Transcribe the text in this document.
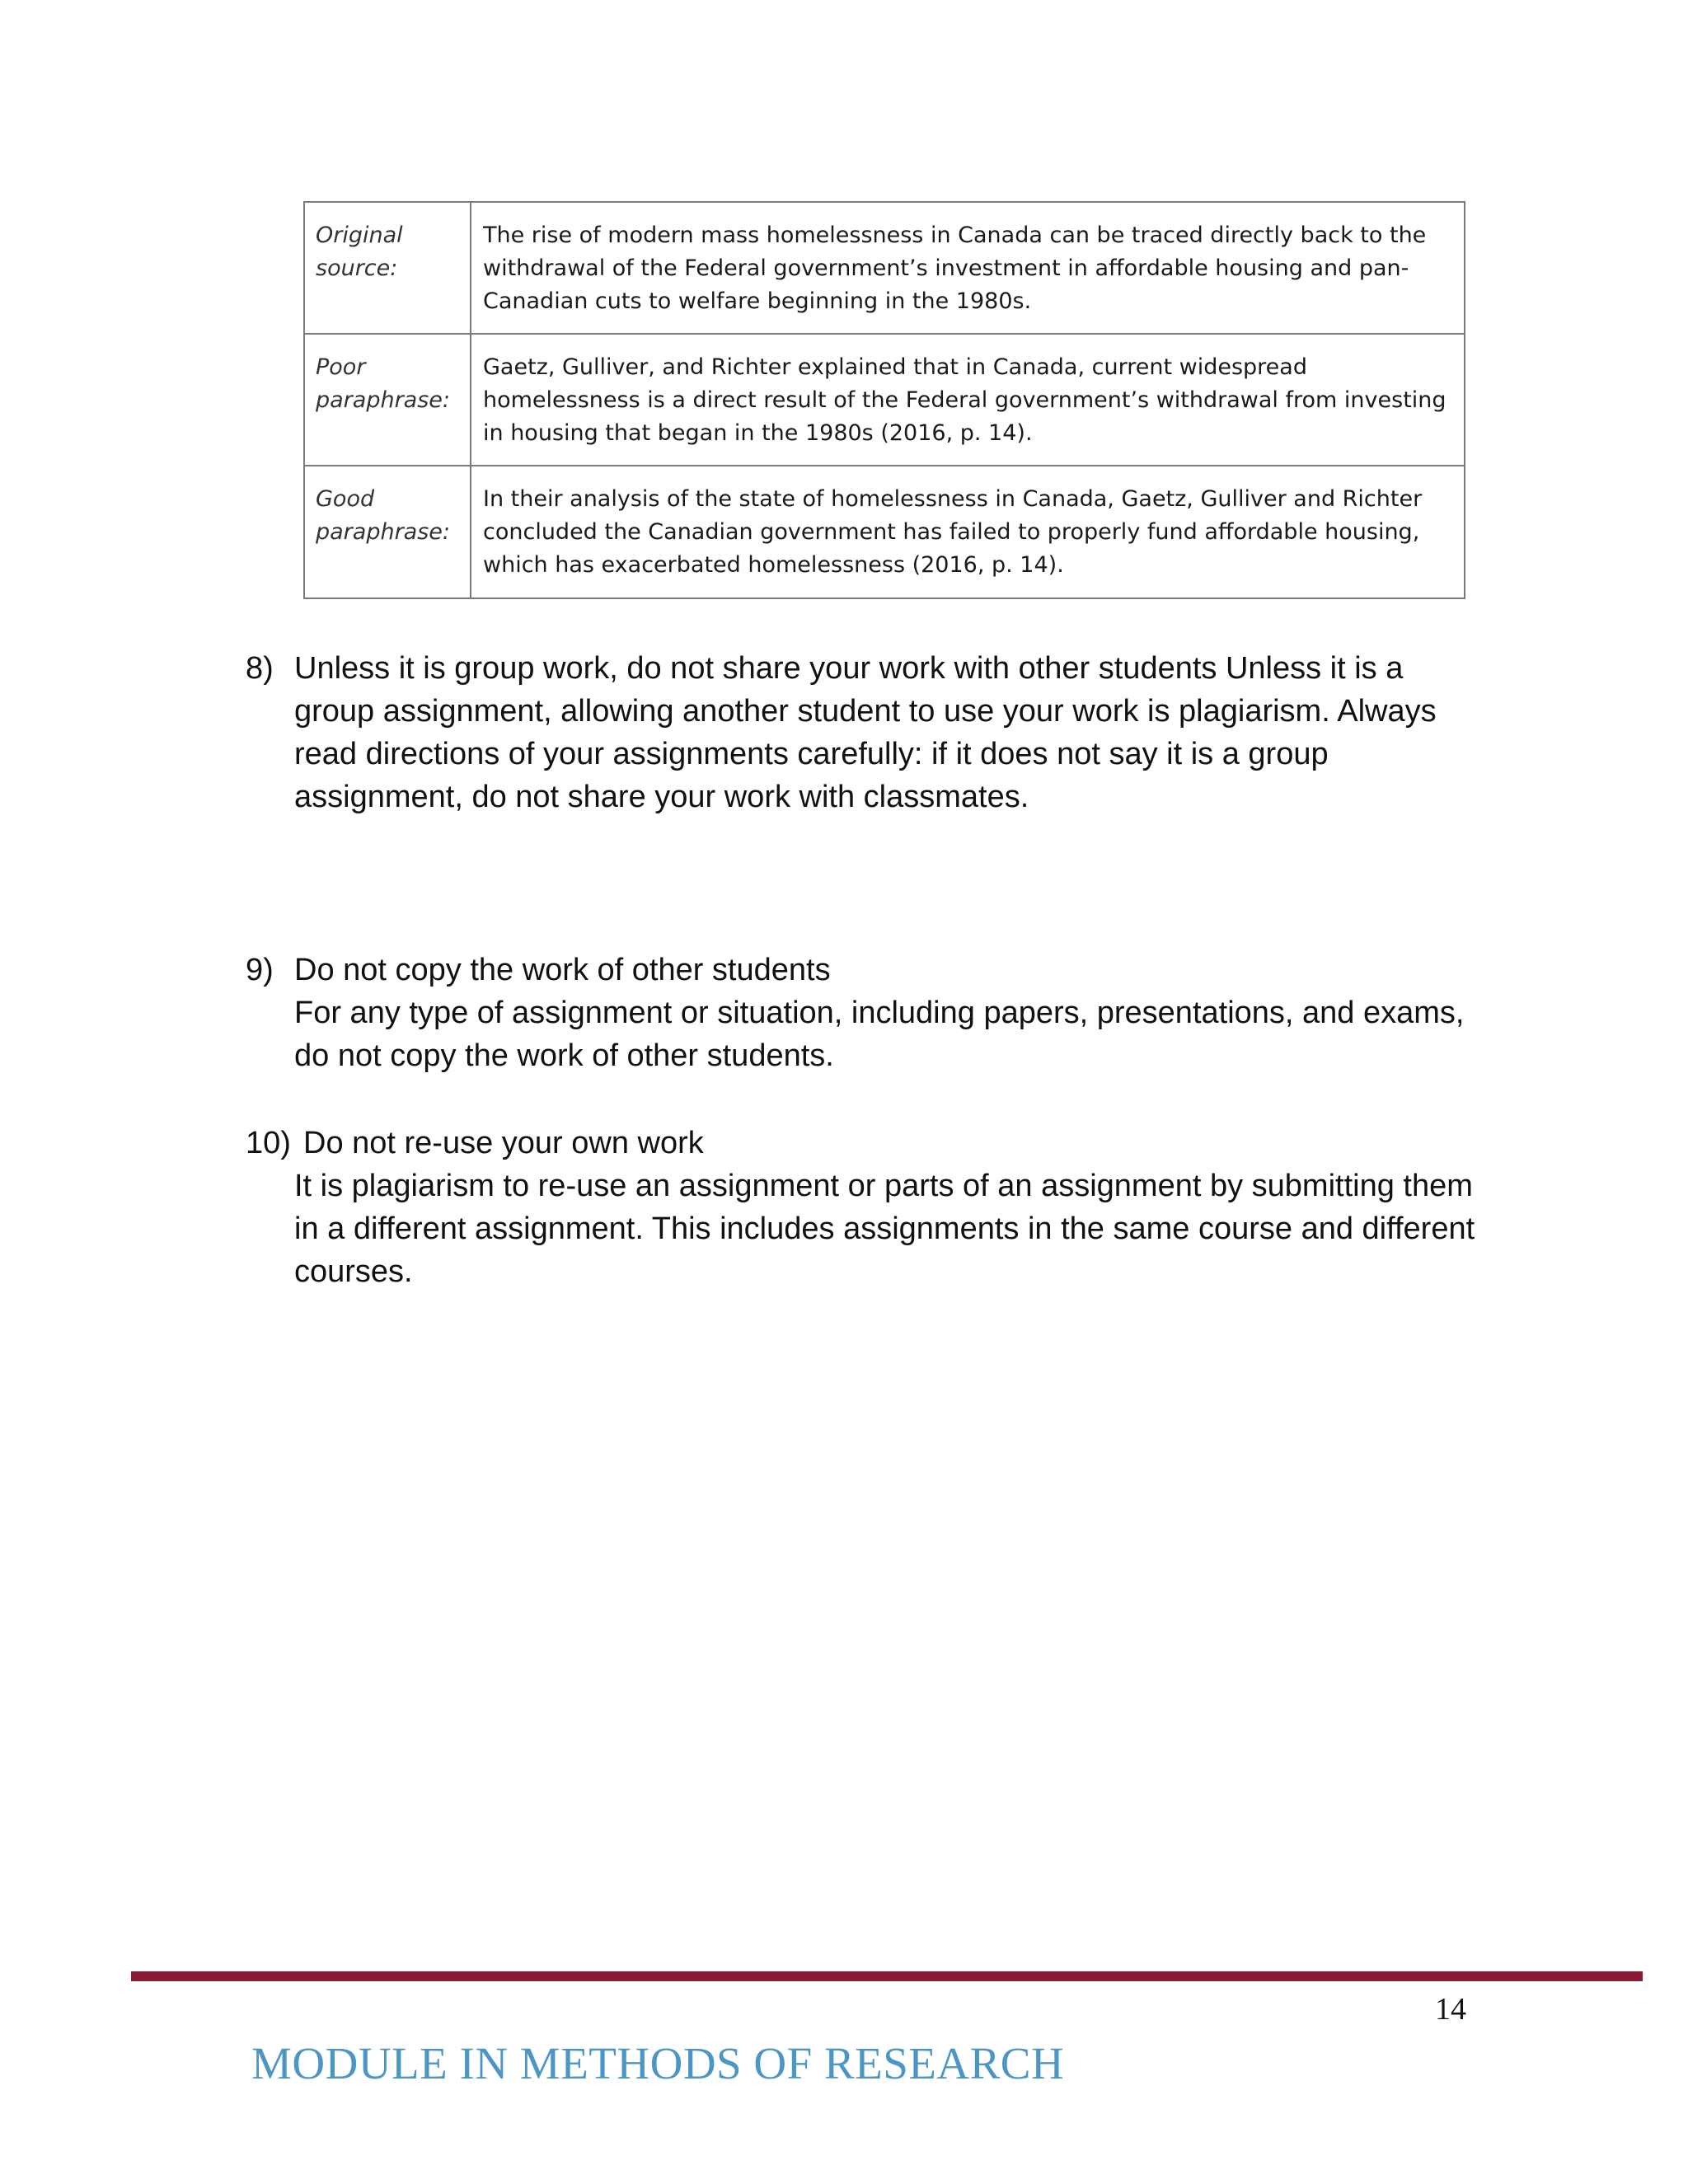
Original
source:	The rise of modern mass homelessness in Canada can be traced directly back to the withdrawal of the Federal government’s investment in affordable housing and pan-Canadian cuts to welfare beginning in the 1980s.
Poor
paraphrase:	Gaetz, Gulliver, and Richter explained that in Canada, current widespread homelessness is a direct result of the Federal government’s withdrawal from investing in housing that began in the 1980s (2016, p. 14).
Good
paraphrase:	In their analysis of the state of homelessness in Canada, Gaetz, Gulliver and Richter concluded the Canadian government has failed to properly fund affordable housing, which has exacerbated homelessness (2016, p. 14).
8) Unless it is group work, do not share your work with other students Unless it is a group assignment, allowing another student to use your work is plagiarism. Always read directions of your assignments carefully: if it does not say it is a group assignment, do not share your work with classmates.
9) Do not copy the work of other students
For any type of assignment or situation, including papers, presentations, and exams, do not copy the work of other students.
10) Do not re-use your own work
It is plagiarism to re-use an assignment or parts of an assignment by submitting them in a different assignment. This includes assignments in the same course and different courses.
14
MODULE IN METHODS OF RESEARCH
